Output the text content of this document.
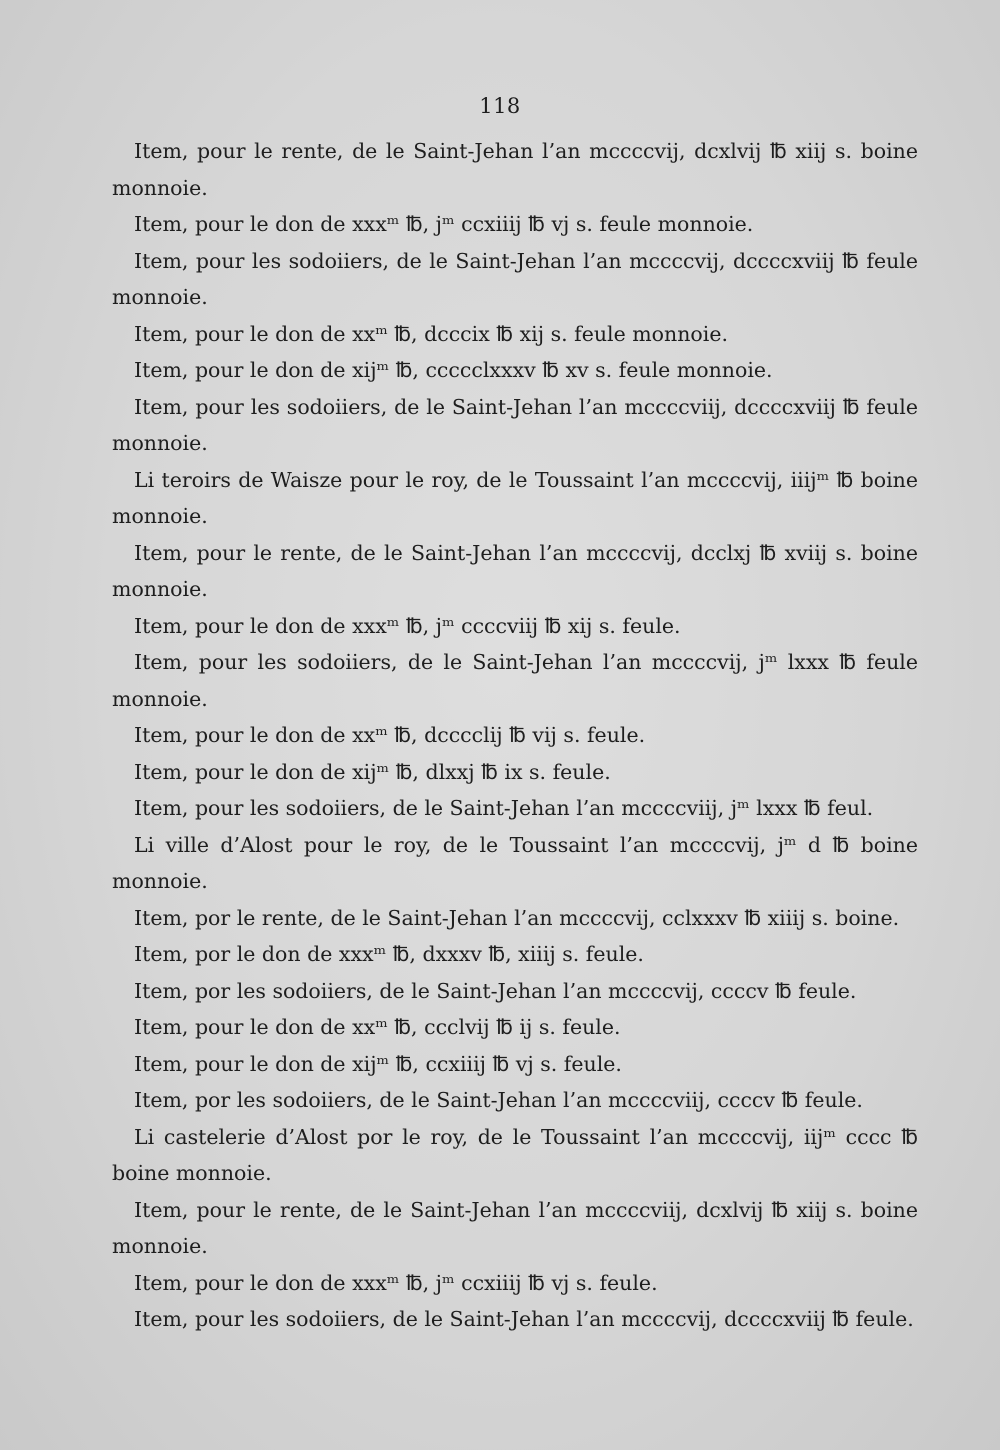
118

Item, pour le rente, de le Saint-Jehan l’an mccccvij, dcxlvij ℔ xiij s. boine monnoie.

Item, pour le don de xxxᵐ ℔, jᵐ ccxiiij ℔ vj s. feule monnoie.

Item, pour les sodoiiers, de le Saint-Jehan l’an mccccvij, dccccxviij ℔ feule monnoie.

Item, pour le don de xxᵐ ℔, dcccix ℔ xij s. feule monnoie.

Item, pour le don de xijᵐ ℔, ccccclxxxv ℔ xv s. feule monnoie.

Item, pour les sodoiiers, de le Saint-Jehan l’an mccccviij, dccccxviij ℔ feule monnoie.

Li teroirs de Waisze pour le roy, de le Toussaint l’an mccccvij, iiijᵐ ℔ boine monnoie.

Item, pour le rente, de le Saint-Jehan l’an mccccvij, dcclxj ℔ xviij s. boine monnoie.

Item, pour le don de xxxᵐ ℔, jᵐ ccccviij ℔ xij s. feule.

Item, pour les sodoiiers, de le Saint-Jehan l’an mccccvij, jᵐ lxxx ℔ feule monnoie.

Item, pour le don de xxᵐ ℔, dcccclij ℔ vij s. feule.

Item, pour le don de xijᵐ ℔, dlxxj ℔ ix s. feule.

Item, pour les sodoiiers, de le Saint-Jehan l’an mccccviij, jᵐ lxxx ℔ feul.

Li ville d’Alost pour le roy, de le Toussaint l’an mccccvij, jᵐ d ℔ boine monnoie.

Item, por le rente, de le Saint-Jehan l’an mccccvij, cclxxxv ℔ xiiij s. boine.

Item, por le don de xxxᵐ ℔, dxxxv ℔, xiiij s. feule.

Item, por les sodoiiers, de le Saint-Jehan l’an mccccvij, ccccv ℔ feule.

Item, pour le don de xxᵐ ℔, ccclvij ℔ ij s. feule.

Item, pour le don de xijᵐ ℔, ccxiiij ℔ vj s. feule.

Item, por les sodoiiers, de le Saint-Jehan l’an mccccviij, ccccv ℔ feule.

Li castelerie d’Alost por le roy, de le Toussaint l’an mccccvij, iijᵐ cccc ℔ boine monnoie.

Item, pour le rente, de le Saint-Jehan l’an mccccviij, dcxlvij ℔ xiij s. boine monnoie.

Item, pour le don de xxxᵐ ℔, jᵐ ccxiiij ℔ vj s. feule.

Item, pour les sodoiiers, de le Saint-Jehan l’an mccccvij, dccccxviij ℔ feule.
